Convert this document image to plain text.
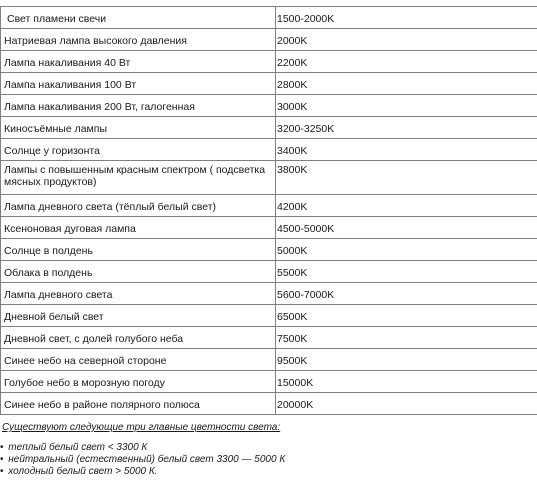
Свет пламени свечи	1500-2000K
Натриевая лампа высокого давления	2000K
Лампа накаливания 40 Вт	2200K
Лампа накаливания 100 Вт	2800K
Лампа накаливания 200 Вт, галогенная	3000K
Киносъёмные лампы	3200-3250K
Солнце у горизонта	3400K
Лампы с повышенным красным спектром ( подсветка мясных продуктов)	3800K
Лампа дневного света (тёплый белый свет)	4200K
Ксеноновая дуговая лампа	4500-5000K
Солнце в полдень	5000K
Облака в полдень	5500K
Лампа дневного света	5600-7000K
Дневной белый свет	6500K
Дневной свет, с долей голубого неба	7500K
Синее небо на северной стороне	9500K
Голубое небо в морозную погоду	15000K
Синее небо в районе полярного полюса	20000K
Существуют следующие три главные цветности света:
• теплый белый свет < 3300 К
• нейтральный (естественный) белый свет 3300 — 5000 К
• холодный белый свет > 5000 К.
